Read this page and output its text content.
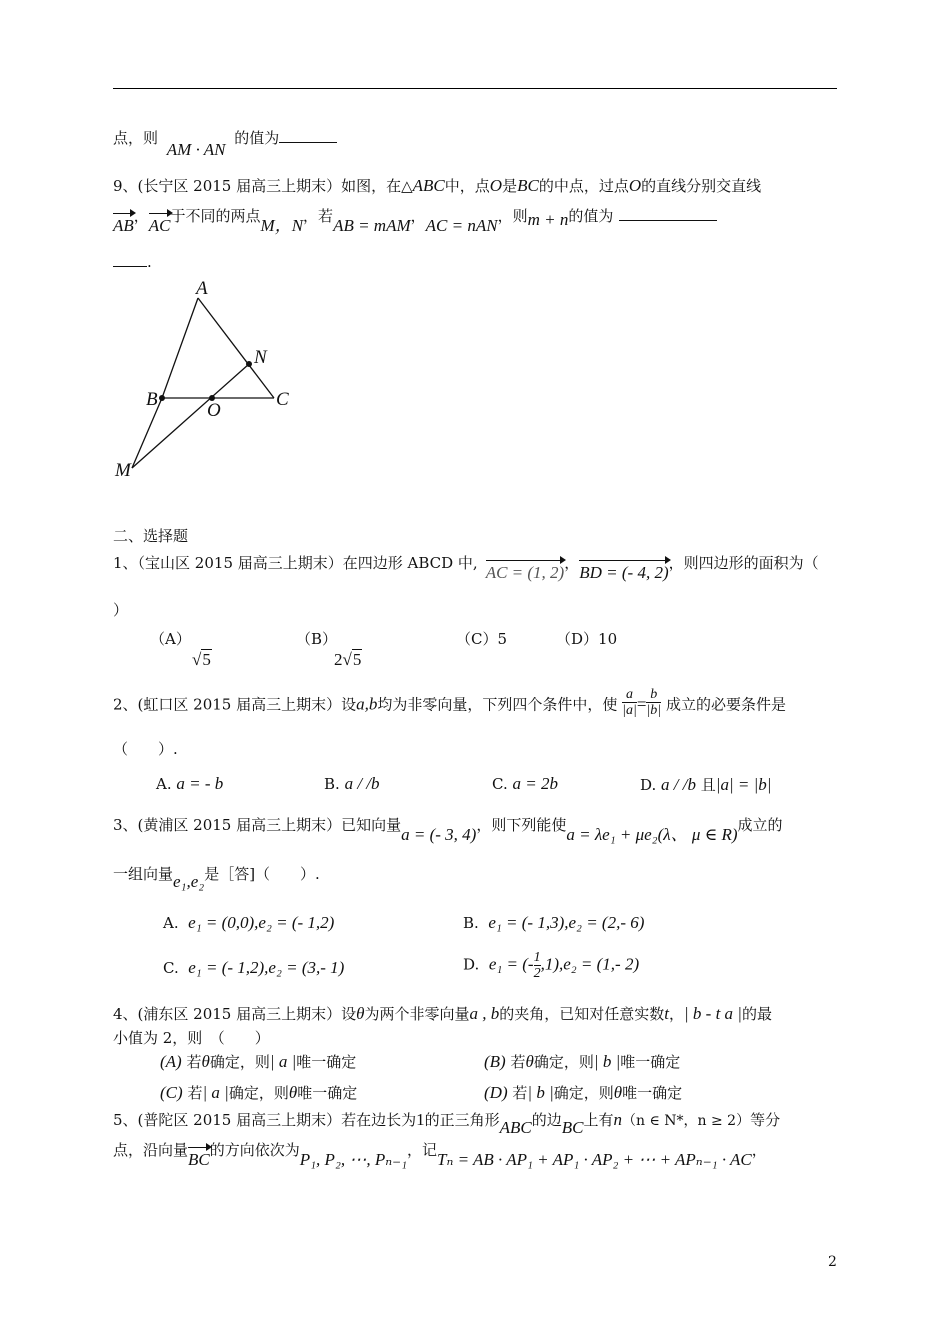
点，则 AM · AN 的值为
9、(长宁区 2015 届高三上期末）如图，在△ABC中，点O是BC的中点，过点O的直线分别交直线
AB，AC于不同的两点M，N，若AB = mAM，AC = nAN，则m + n的值为
.
A
B	C
N
O
M
二、选择题
1、（宝山区 2015 届高三上期末）在四边形 ABCD 中, AC = (1, 2)，BD = (- 4, 2)，则四边形的面积为（
）
（A）
√5
（B）
2√5
（C）5	（D）10
2、(虹口区 2015 届高三上期末）设a,b均为非零向量，下列四个条件中，使 $\frac{a}{|a|} = \frac{b}{|b|}$ 成立的必要条件是
（　　）.
A. a = - b	B. a / /b	C. a = 2b	D. a / /b 且|a| = |b|
3、(黄浦区 2015 届高三上期末）已知向量a = (- 3, 4)，则下列能使a = λe₁ + μe₂(λ、 μ ∈ R)成立的
一组向量e₁,e₂是［答]（　　）.
A. e₁ = (0,0),e₂ = (- 1,2)	B. e₁ = (- 1,3),e₂ = (2,- 6)
C. e₁ = (- 1,2),e₂ = (3,- 1)	D. e₁ = (- $\frac{1}{2} ,1),e_2 = (1,-$ 2)
4、(浦东区 2015 届高三上期末）设θ为两个非零向量a , b的夹角，已知对任意实数t，| b - t a |的最
小值为 2，则　（　　）
(A) 若θ确定，则| a |唯一确定	(B) 若θ确定，则| b |唯一确定
(C) 若| a |确定，则θ唯一确定	(D) 若| b |确定，则θ唯一确定
5、(普陀区 2015 届高三上期末）若在边长为1的正三角形ABC的边BC上有n（n ∈ N*，n ≥ 2）等分
点，沿向量BC的方向依次为P₁, P₂, ⋯, Pₙ₋₁，记Tₙ = AB · AP₁ + AP₁ · AP₂ + ⋯ + APₙ₋₁ · AC，
2
